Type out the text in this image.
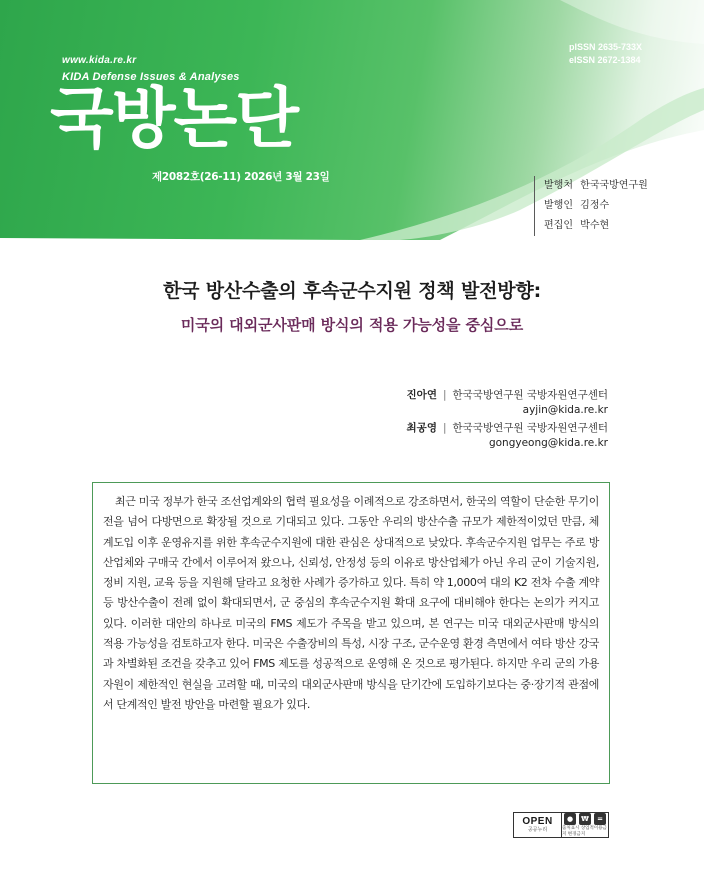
www.kida.re.kr
KIDA Defense Issues & Analyses
국방논단
제2082호(26-11) 2026년 3월 23일
pISSN 2635-733X
eISSN 2672-1384
발행처 한국국방연구원
발행인 김정수
편집인 박수현
한국 방산수출의 후속군수지원 정책 발전방향:
미국의 대외군사판매 방식의 적용 가능성을 중심으로
진아연 | 한국국방연구원 국방자원연구센터
ayjin@kida.re.kr
최공영 | 한국국방연구원 국방자원연구센터
gongyeong@kida.re.kr

최근 미국 정부가 한국 조선업계와의 협력 필요성을 이례적으로 강조하면서, 한국의 역할이 단순한 무기이전을 넘어 다방면으로 확장될 것으로 기대되고 있다. 그동안 우리의 방산수출 규모가 제한적이었던 만큼, 체계도입 이후 운영유지를 위한 후속군수지원에 대한 관심은 상대적으로 낮았다. 후속군수지원 업무는 주로 방산업체와 구매국 간에서 이루어져 왔으나, 신뢰성, 안정성 등의 이유로 방산업체가 아닌 우리 군이 기술지원, 정비 지원, 교육 등을 지원해 달라고 요청한 사례가 증가하고 있다. 특히 약 1,000여 대의 K2 전차 수출 계약 등 방산수출이 전례 없이 확대되면서, 군 중심의 후속군수지원 확대 요구에 대비해야 한다는 논의가 커지고 있다. 이러한 대안의 하나로 미국의 FMS 제도가 주목을 받고 있으며, 본 연구는 미국 대외군사판매 방식의 적용 가능성을 검토하고자 한다. 미국은 수출장비의 특성, 시장 구조, 군수운영 환경 측면에서 여타 방산 강국과 차별화된 조건을 갖추고 있어 FMS 제도를 성공적으로 운영해 온 것으로 평가된다. 하지만 우리 군의 가용 자원이 제한적인 현실을 고려할 때, 미국의 대외군사판매 방식을 단기간에 도입하기보다는 중·장기적 관점에서 단계적인 발전 방안을 마련할 필요가 있다.

OPEN
공공누리
●	₩	=
출처표시 상업적이용금지 변경금지
